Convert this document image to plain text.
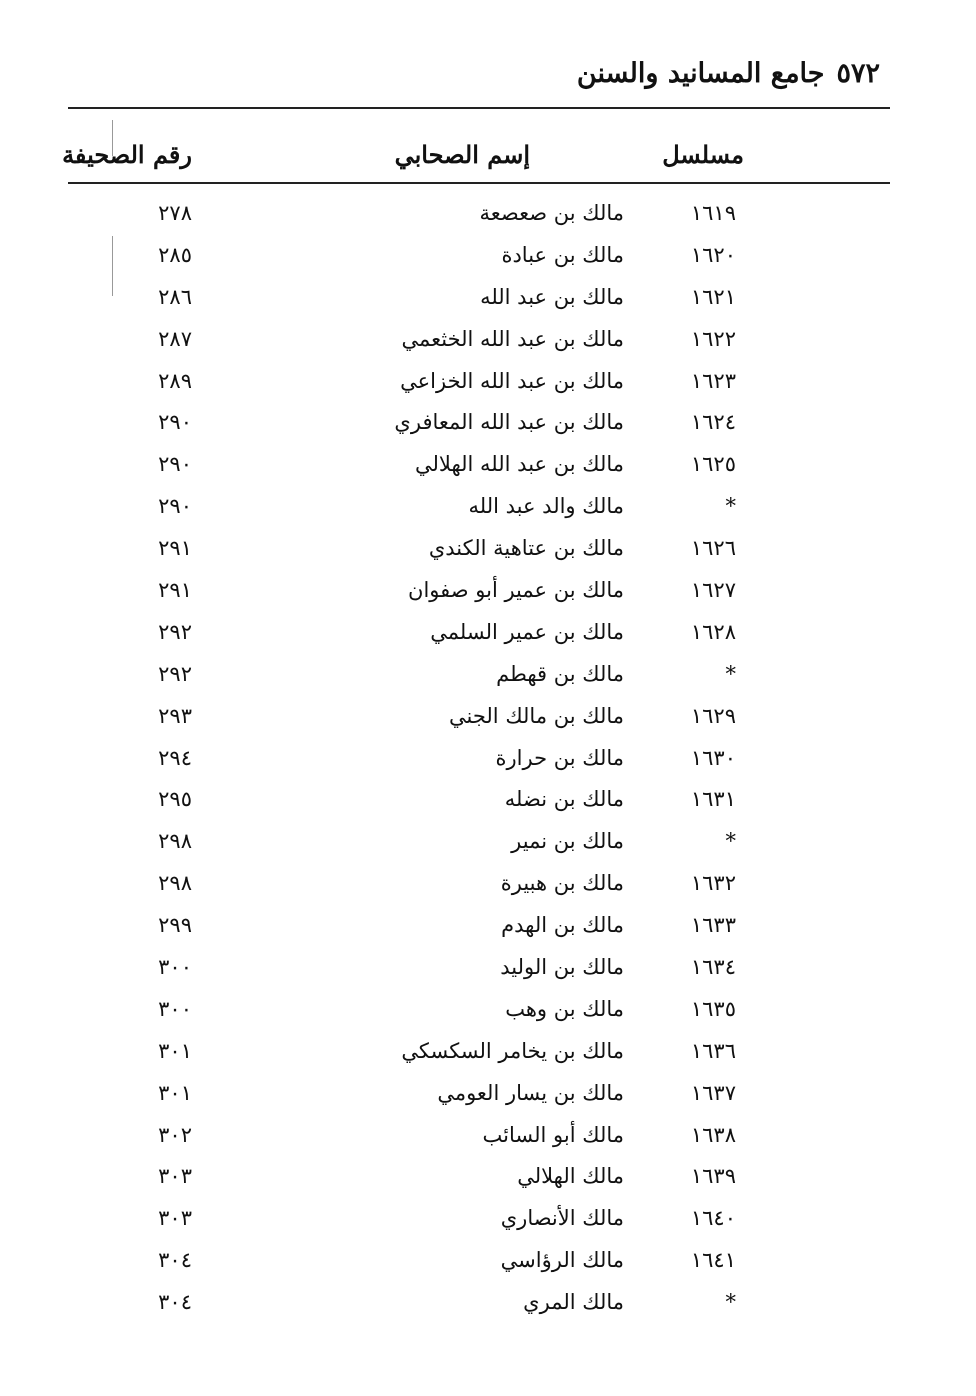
٥٧٢جامع المسانيد والسنن
مسلسل
إسم الصحابي
رقم الصحيفة
١٦١٩
مالك بن صعصعة
٢٧٨
١٦٢٠
مالك بن عبادة
٢٨٥
١٦٢١
مالك بن عبد الله
٢٨٦
١٦٢٢
مالك بن عبد الله الخثعمي
٢٨٧
١٦٢٣
مالك بن عبد الله الخزاعي
٢٨٩
١٦٢٤
مالك بن عبد الله المعافري
٢٩٠
١٦٢٥
مالك بن عبد الله الهلالي
٢٩٠
*
مالك والد عبد الله
٢٩٠
١٦٢٦
مالك بن عتاهية الكندي
٢٩١
١٦٢٧
مالك بن عمير أبو صفوان
٢٩١
١٦٢٨
مالك بن عمير السلمي
٢٩٢
*
مالك بن قهطم
٢٩٢
١٦٢٩
مالك بن مالك الجني
٢٩٣
١٦٣٠
مالك بن حرارة
٢٩٤
١٦٣١
مالك بن نضله
٢٩٥
*
مالك بن نمير
٢٩٨
١٦٣٢
مالك بن هبيرة
٢٩٨
١٦٣٣
مالك بن الهدم
٢٩٩
١٦٣٤
مالك بن الوليد
٣٠٠
١٦٣٥
مالك بن وهب
٣٠٠
١٦٣٦
مالك بن يخامر السكسكي
٣٠١
١٦٣٧
مالك بن يسار العومي
٣٠١
١٦٣٨
مالك أبو السائب
٣٠٢
١٦٣٩
مالك الهلالي
٣٠٣
١٦٤٠
مالك الأنصاري
٣٠٣
١٦٤١
مالك الرؤاسي
٣٠٤
*
مالك المري
٣٠٤
